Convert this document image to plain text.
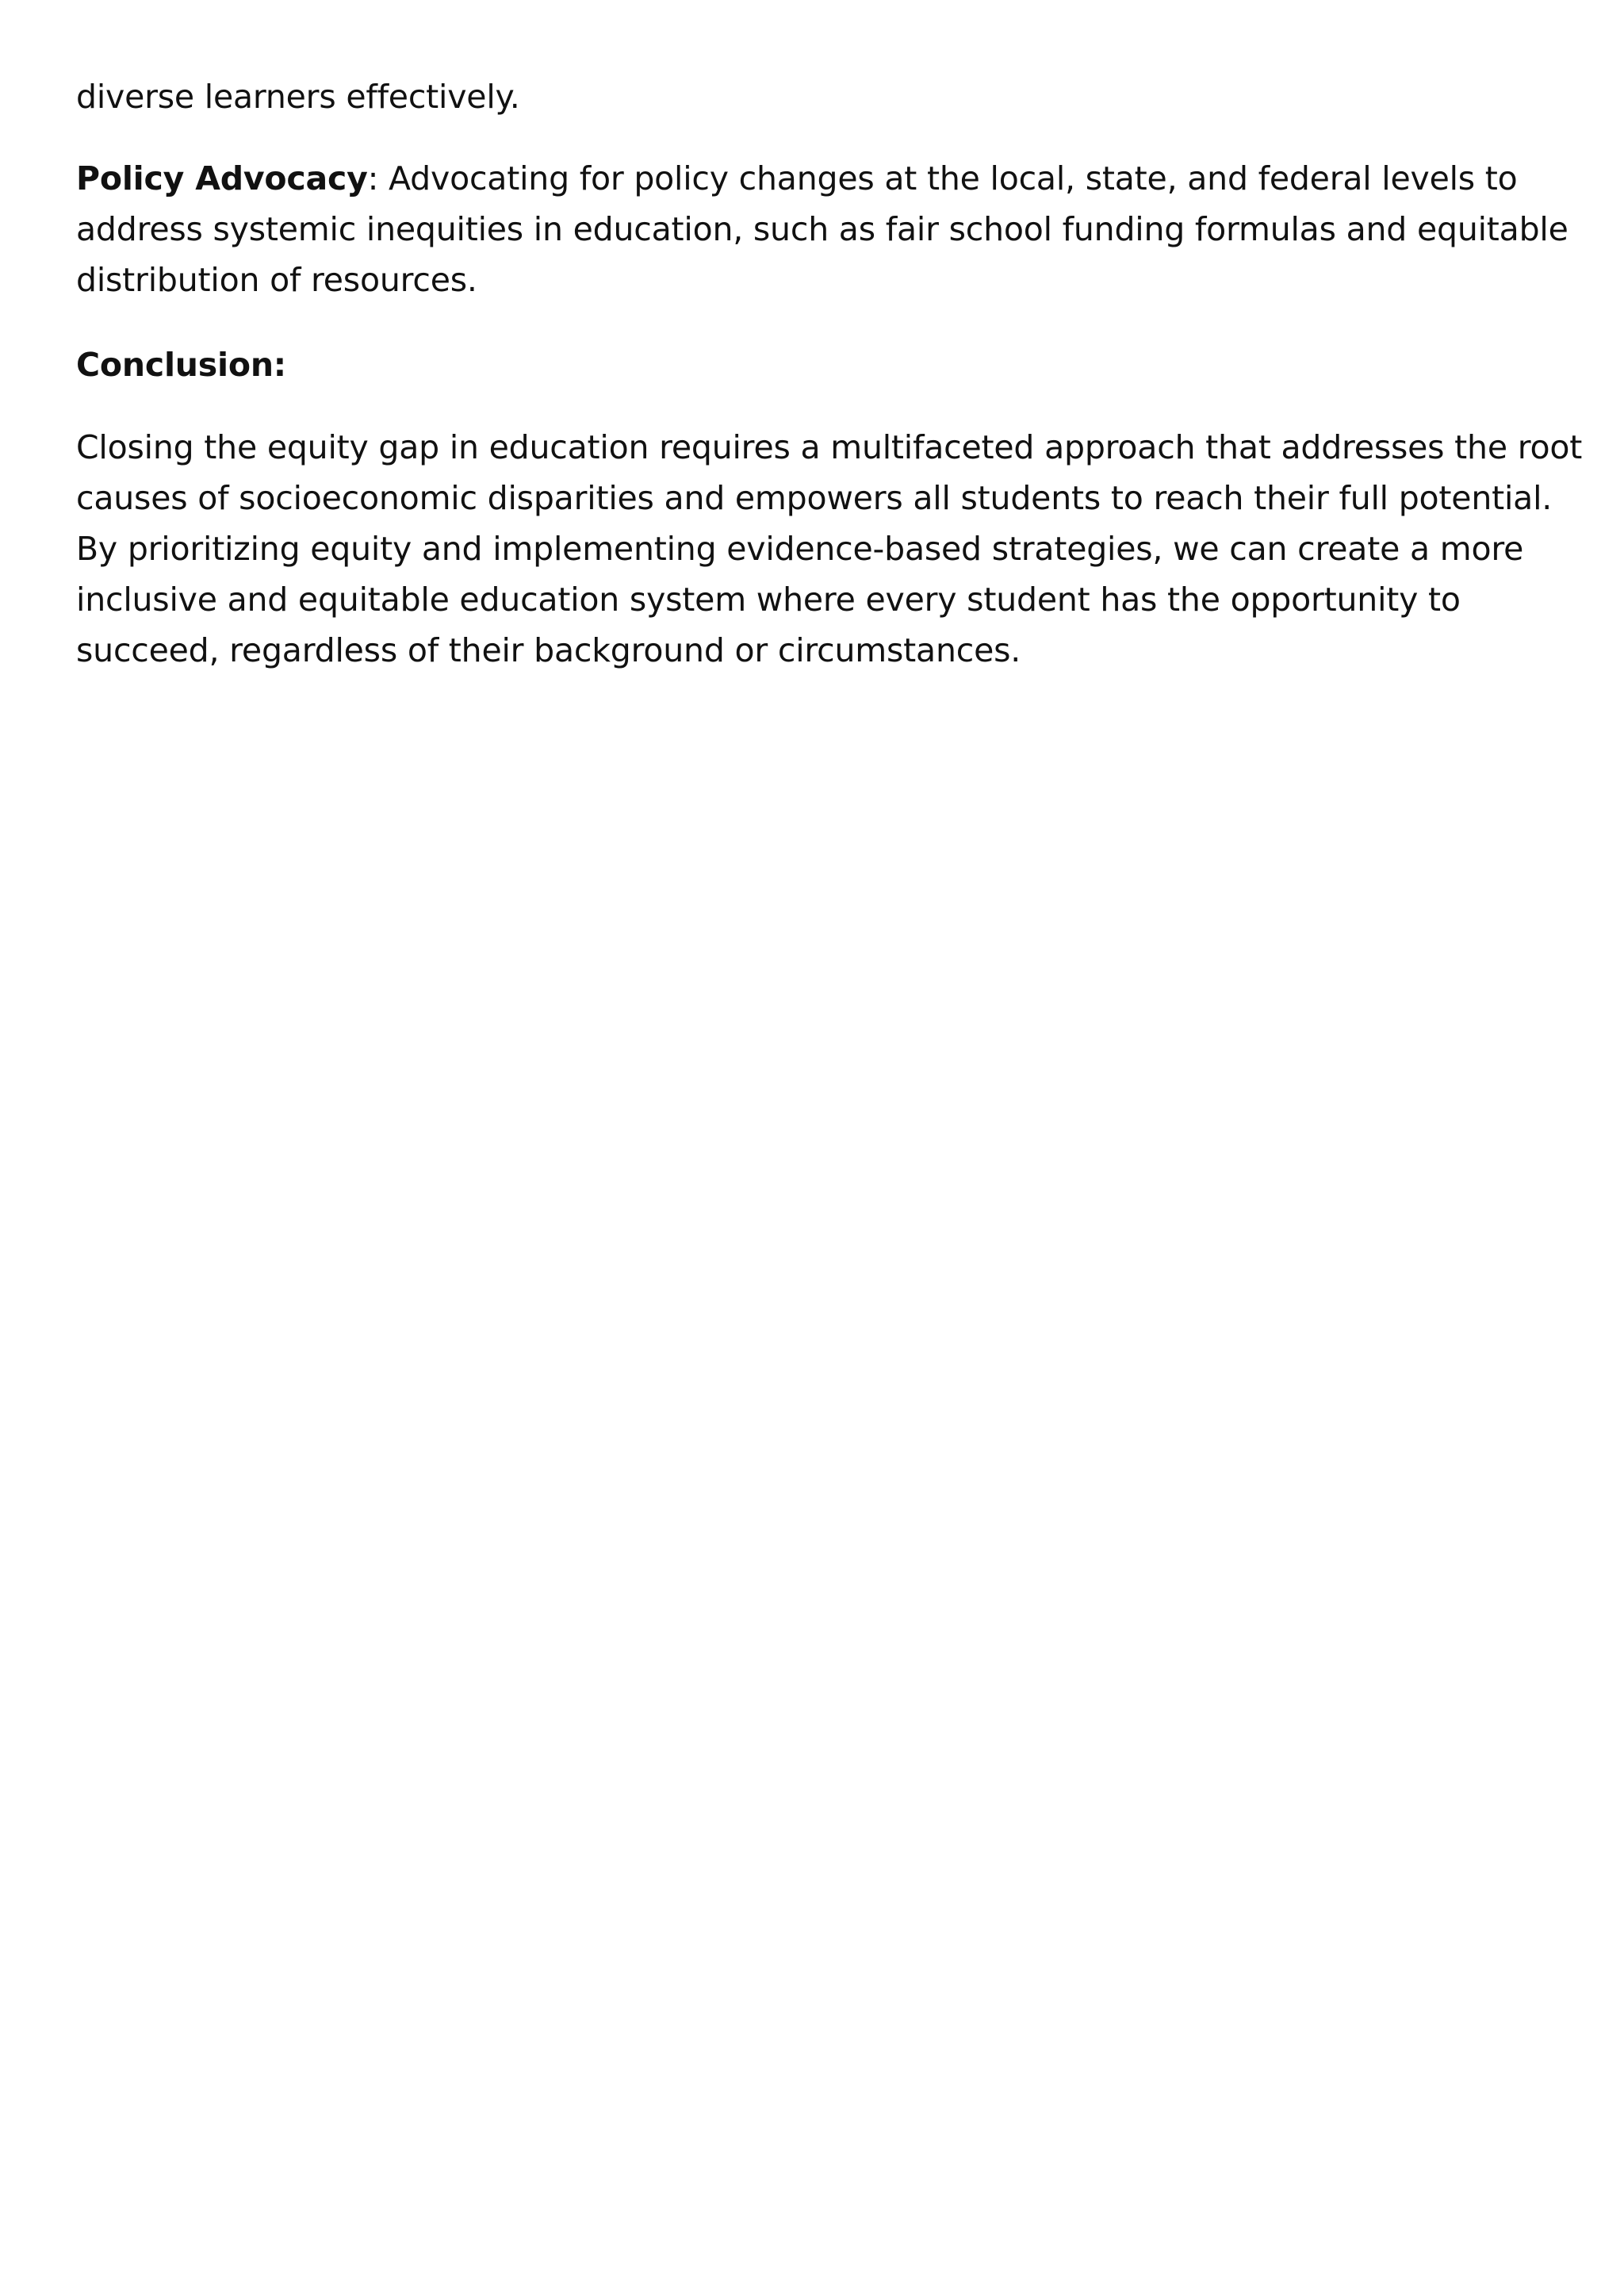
diverse learners effectively.

Policy Advocacy: Advocating for policy changes at the local, state, and federal levels to
address systemic inequities in education, such as fair school funding formulas and equitable
distribution of resources.

Conclusion:

Closing the equity gap in education requires a multifaceted approach that addresses the root
causes of socioeconomic disparities and empowers all students to reach their full potential.
By prioritizing equity and implementing evidence-based strategies, we can create a more
inclusive and equitable education system where every student has the opportunity to
succeed, regardless of their background or circumstances.
